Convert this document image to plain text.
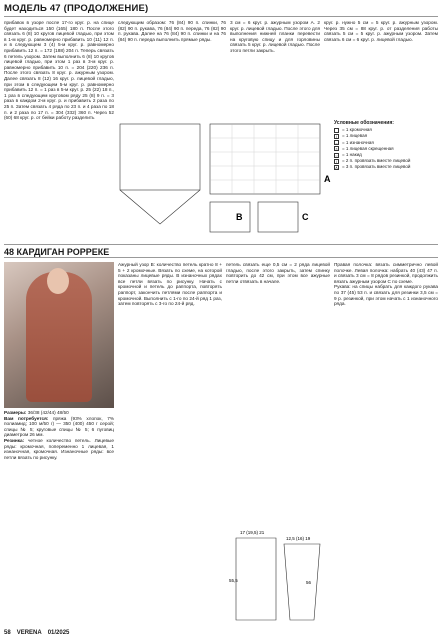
МОДЕЛЬ 47 (ПРОДОЛЖЕНИЕ)

прибавок в узоре после 17-го круг. р. на спице будет находиться 150 (165) 180 п. После этого связать 6 (8) 10 кругов лицевой гладью, при этом в 1-м круг. р. равномерно прибавить 10 (11) 12 п. и в следующем 3 (4) 5-м круг. р. равномерно прибавить 12 п. = 172 (188) 204 п. Теперь связать 6 петель узором. Затем выполнить 6 (8) 10 кругов лицевой гладью, при этом 1 раз в 3-м круг. р. равномерно прибавить 10 п. = 204 (220) 236 п. После этого связать 8 круг. р. ажурным узором. Далее связать 8 (12) 16 круг. р. лицевой гладью, при этом в следующем 5-м круг. р. равномерно прибавить 12 п. = 1 раз в 5-м круг. р. 25 (22) 18 п., 1 раз в следующем круговом ряду 25 (8) 9 п. = 3 раза в каждом 2-м круг. р. и прибавить 2 раза по 25 п. Затем связать 4 ряда по 23 п. и 4 раза по 18 п. и 2 раза по 17 п. = 304 (332) 360 п. Через 52 (60) 68 круг. р. от бейки работу разделить

следующим образом: 76 (84) 90 п. спинки, 76 (82) 90 п. рукава, 76 (84) 90 п. переда, 76 (82) 90 п. рукава. Далее на 76 (84) 90 п. спинки и на 76 (84) 90 п. переда выполнить прямые ряды.

3 см = 6 круг. р. ажурным узором А. 2 круг. р. лицевой гладью. После этого для выполнения нижней планки перевести на круговую спицу и для горловины связать 5 круг. р. лицевой гладью. После этого петли закрыть.

круг. р. нужно 5 см = 5 круг. р. ажурным узором. Через 35 см = 88 круг. р. от разделения работы связать 5 см = 5 круг. р. ажурным узором. Затем связать 6 см = 6 круг. р. лицевой гладью.

A
B	C
Условные обозначения:
= 1 кромочная
|	= 1 лицевая
– = 1 изнаночная
× = 1 лицевая скрещенная
○ = 1 накид
/	= 2 п. провязать вместе лицевой
∧ = 3 п. провязать вместе лицевой
48 КАРДИГАН РОРРЕКЕ

Размеры: 36/38 (42/44) 48/50

Вам потребуется: пряжа (93% хлопок, 7% полиамид; 100 м/50 г) — 350 (400) 450 г серой; спицы № 5; круговые спицы № 5; 6 пуговиц диаметром 26 мм.

Резинка: четное количество петель. Лицевые ряды: кромочная, попеременно 1 лицевая, 1 изнаночная, кромочная. Изнаночные ряды: все петли вязать по рисунку.

Ажурный узор В: количество петель кратно 8 + 5 + 2 кромочные. Вязать по схеме, на которой показаны лицевые ряды. В изнаночных рядах все петли вязать по рисунку. Начать с кромочной и петель до раппорта, повторять раппорт, закончить петлями после раппорта и кромочной. Выполнить с 1-го по 24-й ряд 1 раз, затем повторять с 3-го по 24-й ряд.

петель связать еще 0,5 см = 2 ряда лицевой гладью, после этого закрыть, затем спинку повторить до 42 см, при этом все ажурные петли отвязать в начале.

Правая полочка: вязать симметрично левой полочке. Левая полочка: набрать 40 (43) 47 п. и связать 3 см = 8 рядов резинкой, продолжить вязать ажурным узором С по схеме.

Рукава: на спицы набрать для каждого рукава по 37 (45) 53 п. и связать для резинки 3,5 см = 9 р. резинкой, при этом начать с 1 изнаночного ряда.

17 (19,5) 21
55,5
12,5 (16) 19
56
58 VERENA 01/2025
